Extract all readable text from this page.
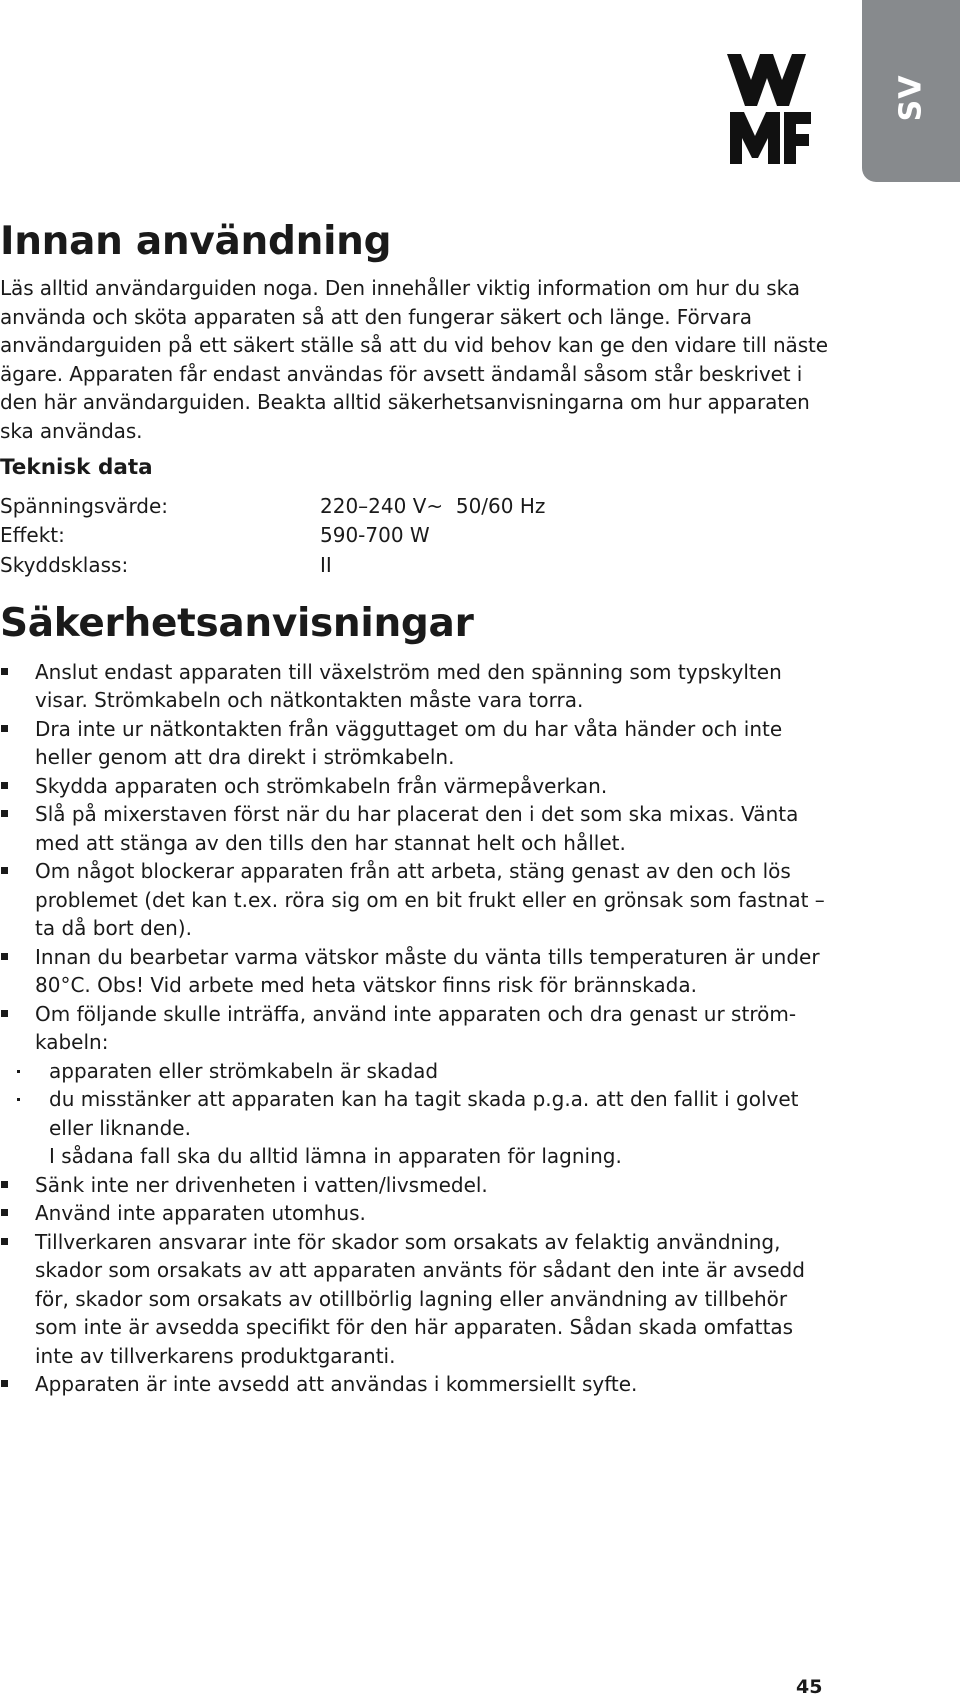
SV
Innan användning

Läs alltid användarguiden noga. Den innehåller viktig information om hur du ska använda och sköta apparaten så att den fungerar säkert och länge. Förvara användarguiden på ett säkert ställe så att du vid behov kan ge den vidare till näste ägare. Apparaten får endast användas för avsett ändamål såsom står beskrivet i den här användarguiden. Beakta alltid säkerhetsanvisningarna om hur apparaten ska användas.

Teknisk data
Spänningsvärde:	220–240 V~  50/60 Hz
Effekt:	590-700 W
Skyddsklass:	II
Säkerhetsanvisningar
Anslut endast apparaten till växelström med den spänning som typskylten visar. Strömkabeln och nätkontakten måste vara torra.
Dra inte ur nätkontakten från vägguttaget om du har våta händer och inte heller genom att dra direkt i strömkabeln.
Skydda apparaten och strömkabeln från värmepåverkan.
Slå på mixerstaven först när du har placerat den i det som ska mixas. Vänta med att stänga av den tills den har stannat helt och hållet.
Om något blockerar apparaten från att arbeta, stäng genast av den och lös problemet (det kan t.ex. röra sig om en bit frukt eller en grönsak som fastnat – ta då bort den).
Innan du bearbetar varma vätskor måste du vänta tills temperaturen är under 80°C. Obs! Vid arbete med heta vätskor finns risk för brännskada.
Om följande skulle inträffa, använd inte apparaten och dra genast ur ström-kabeln:
apparaten eller strömkabeln är skadad
du misstänker att apparaten kan ha tagit skada p.g.a. att den fallit i golvet eller liknande.
I sådana fall ska du alltid lämna in apparaten för lagning.
Sänk inte ner drivenheten i vatten/livsmedel.
Använd inte apparaten utomhus.
Tillverkaren ansvarar inte för skador som orsakats av felaktig användning, skador som orsakats av att apparaten använts för sådant den inte är avsedd för, skador som orsakats av otillbörlig lagning eller användning av tillbehör som inte är avsedda specifikt för den här apparaten. Sådan skada omfattas inte av tillverkarens produktgaranti.
Apparaten är inte avsedd att användas i kommersiellt syfte.
45
